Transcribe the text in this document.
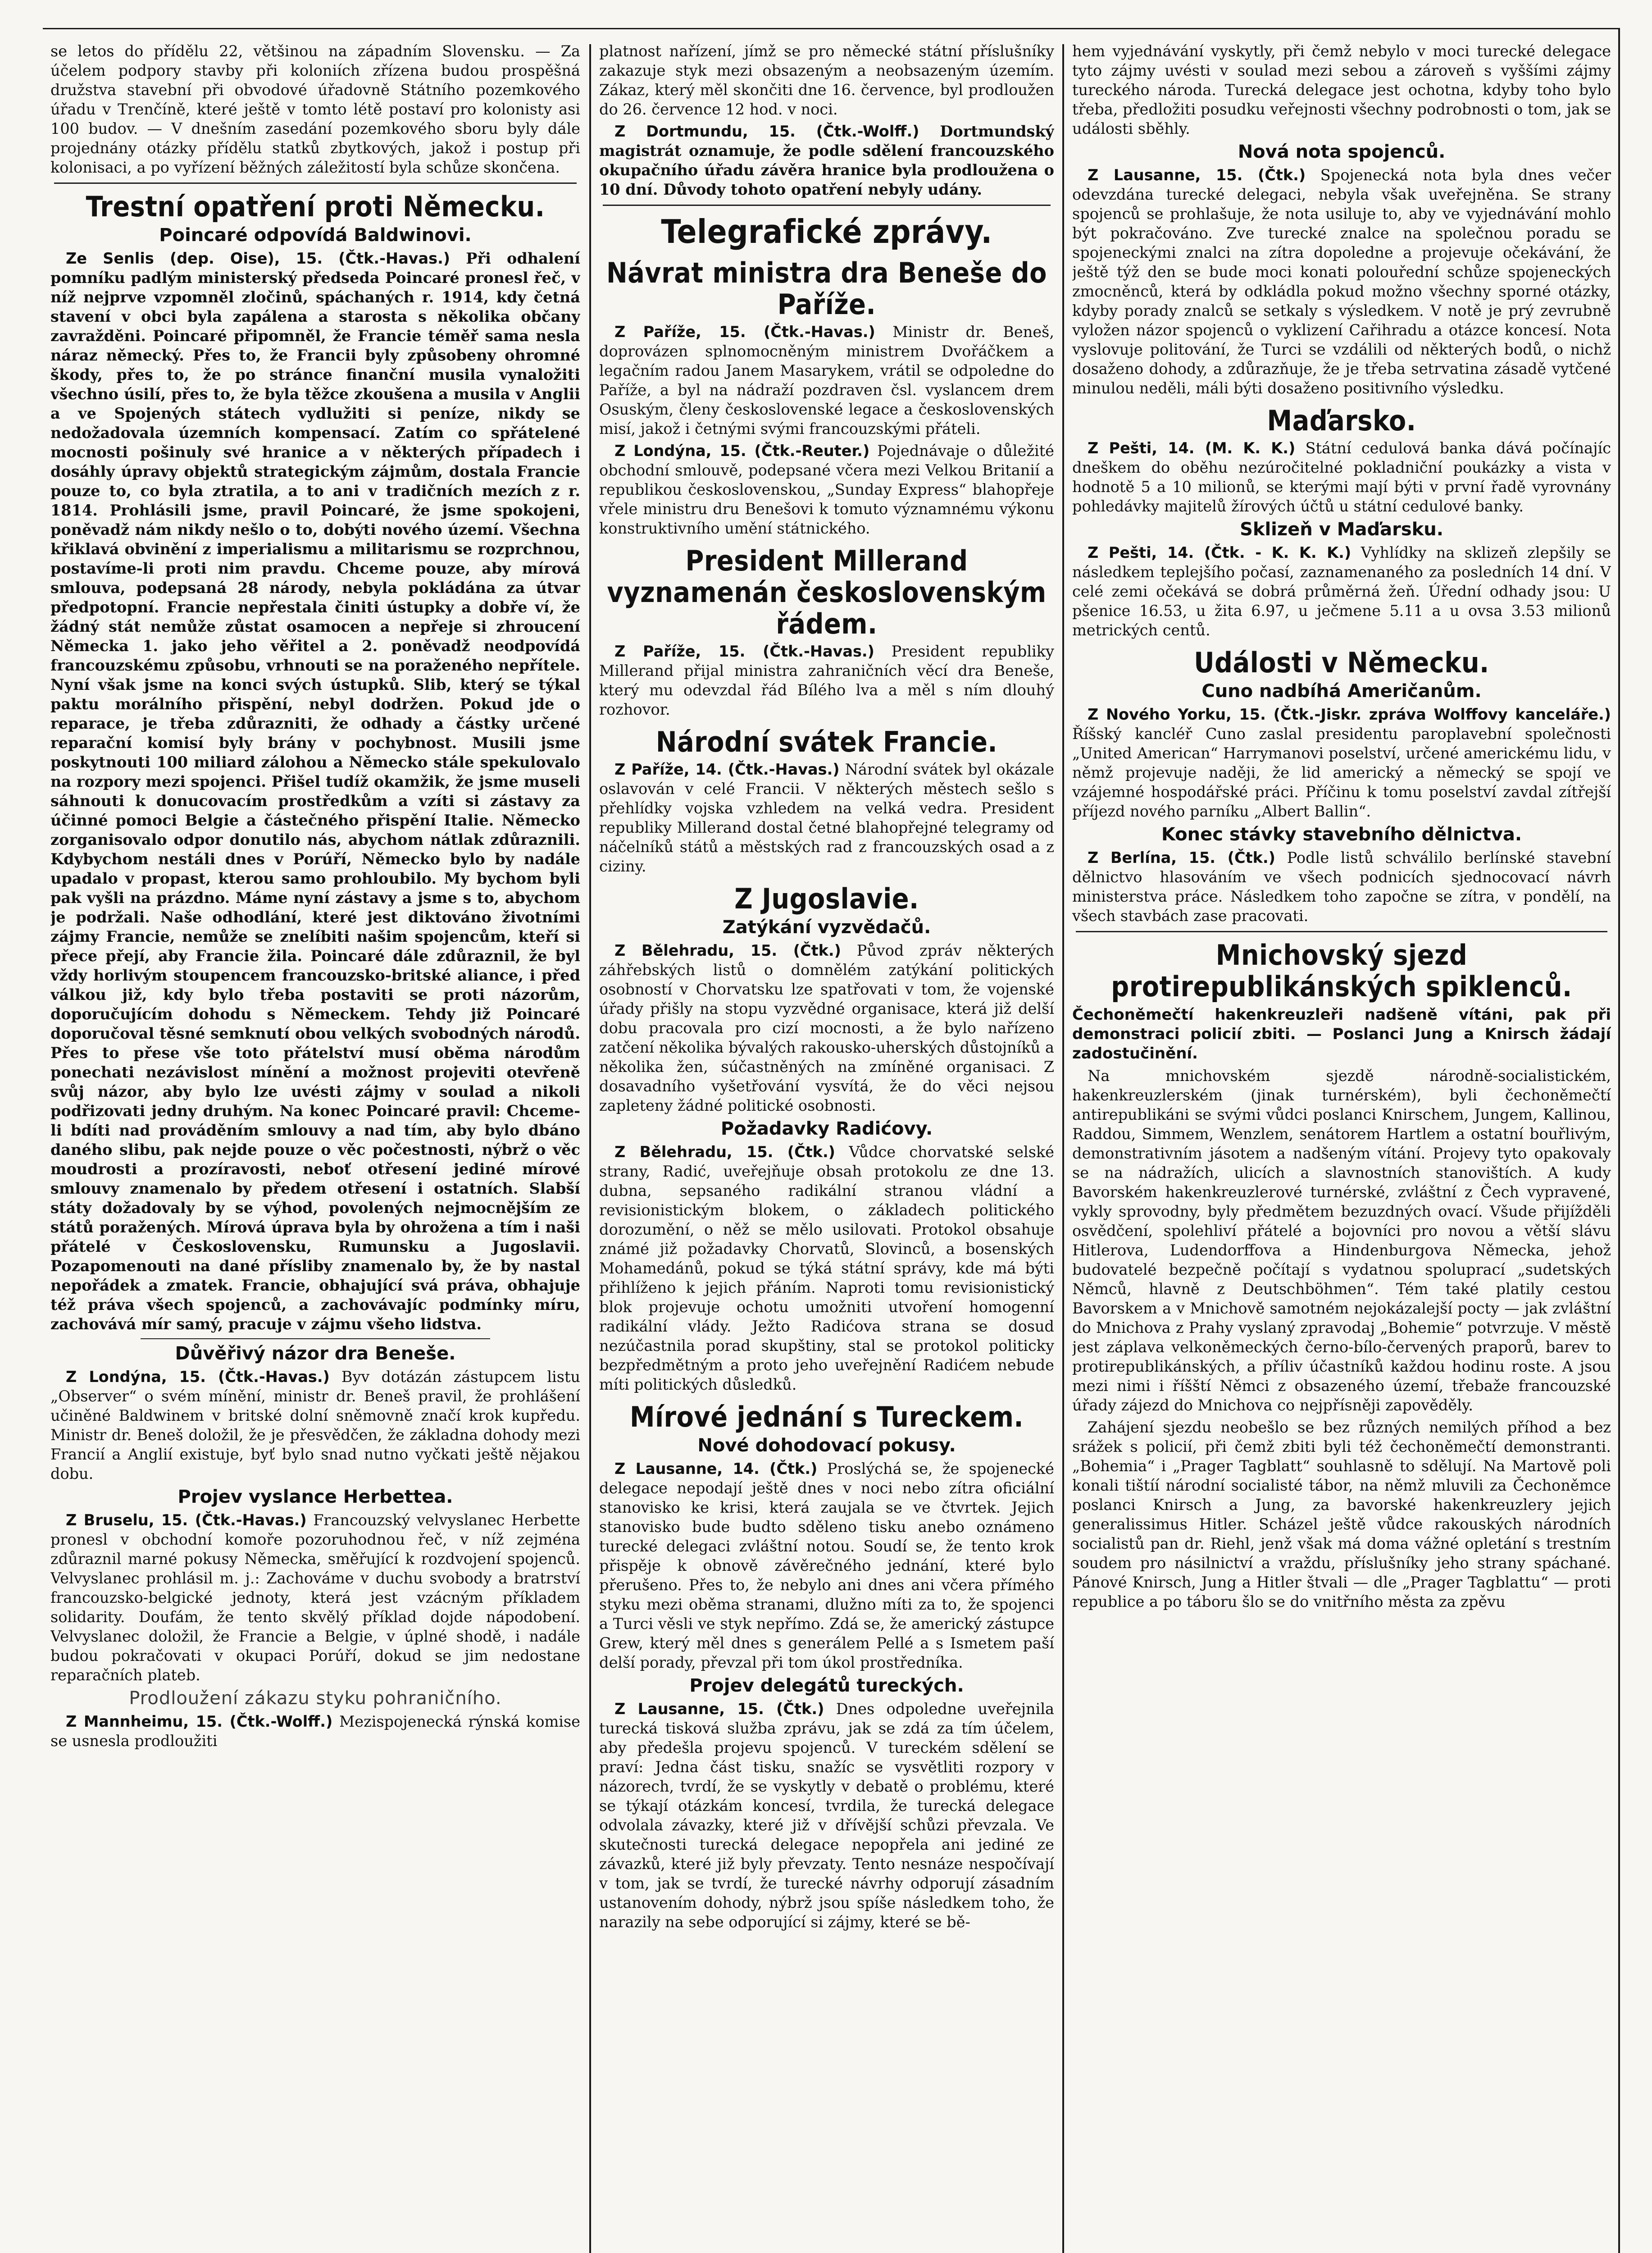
se letos do přídělu 22, většinou na západním Slovensku. — Za účelem podpory stavby při koloniích zřízena budou prospěšná družstva stavební při obvodové úřadovně Státního pozemkového úřadu v Trenčíně, které ještě v tomto létě postaví pro kolonisty asi 100 budov. — V dnešním zasedání pozemkového sboru byly dále projednány otázky přídělu statků zbytkových, jakož i postup při kolonisaci, a po vyřízení běžných záležitostí byla schůze skončena.

Trestní opatření proti Německu.
Poincaré odpovídá Baldwinovi.

Ze Senlis (dep. Oise), 15. (Čtk.-Havas.) Při odhalení pomníku padlým ministerský předseda Poincaré pronesl řeč, v níž nejprve vzpomněl zločinů, spáchaných r. 1914, kdy četná stavení v obci byla zapálena a starosta s několika občany zavražděni. Poincaré připomněl, že Francie téměř sama nesla náraz německý. Přes to, že Francii byly způsobeny ohromné škody, přes to, že po stránce finanční musila vynaložiti všechno úsilí, přes to, že byla těžce zkoušena a musila v Anglii a ve Spojených státech vydlužiti si peníze, nikdy se nedožadovala územních kompensací. Zatím co spřátelené mocnosti pošinuly své hranice a v některých případech i dosáhly úpravy objektů strategickým zájmům, dostala Francie pouze to, co byla ztratila, a to ani v tradičních mezích z r. 1814. Prohlásili jsme, pravil Poincaré, že jsme spokojeni, poněvadž nám nikdy nešlo o to, dobýti nového území. Všechna křiklavá obvinění z imperialismu a militarismu se rozprchnou, postavíme-li proti nim pravdu. Chceme pouze, aby mírová smlouva, podepsaná 28 národy, nebyla pokládána za útvar předpotopní. Francie nepřestala činiti ústupky a dobře ví, že žádný stát nemůže zůstat osamocen a nepřeje si zhroucení Německa 1. jako jeho věřitel a 2. poněvadž neodpovídá francouzskému způsobu, vrhnouti se na poraženého nepřítele. Nyní však jsme na konci svých ústupků. Slib, který se týkal paktu morálního přispění, nebyl dodržen. Pokud jde o reparace, je třeba zdůrazniti, že odhady a částky určené reparační komisí byly brány v pochybnost. Musili jsme poskytnouti 100 miliard zálohou a Německo stále spekulovalo na rozpory mezi spojenci. Přišel tudíž okamžik, že jsme museli sáhnouti k donucovacím prostředkům a vzíti si zástavy za účinné pomoci Belgie a částečného přispění Italie. Německo zorganisovalo odpor donutilo nás, abychom nátlak zdůraznili. Kdybychom nestáli dnes v Porúří, Německo bylo by nadále upadalo v propast, kterou samo prohloubilo. My bychom byli pak vyšli na prázdno. Máme nyní zástavy a jsme s to, abychom je podržali. Naše odhodlání, které jest diktováno životními zájmy Francie, nemůže se znelíbiti našim spojencům, kteří si přece přejí, aby Francie žila. Poincaré dále zdůraznil, že byl vždy horlivým stoupencem francouzsko-britské aliance, i před válkou již, kdy bylo třeba postaviti se proti názorům, doporučujícím dohodu s Německem. Tehdy již Poincaré doporučoval těsné semknutí obou velkých svobodných národů. Přes to přese vše toto přátelství musí oběma národům ponechati nezávislost mínění a možnost projeviti otevřeně svůj názor, aby bylo lze uvésti zájmy v soulad a nikoli podřizovati jedny druhým. Na konec Poincaré pravil: Chceme-li bdíti nad prováděním smlouvy a nad tím, aby bylo dbáno daného slibu, pak nejde pouze o věc počestnosti, nýbrž o věc moudrosti a prozíravosti, neboť otřesení jediné mírové smlouvy znamenalo by předem otřesení i ostatních. Slabší státy dožadovaly by se výhod, povolených nejmocnějším ze států poražených. Mírová úprava byla by ohrožena a tím i naši přátelé v Československu, Rumunsku a Jugoslavii. Pozapomenouti na dané přísliby znamenalo by, že by nastal nepořádek a zmatek. Francie, obhajující svá práva, obhajuje též práva všech spojenců, a zachovávajíc podmínky míru, zachovává mír samý, pracuje v zájmu všeho lidstva.

Důvěřivý názor dra Beneše.

Z Londýna, 15. (Čtk.-Havas.) Byv dotázán zástupcem listu „Observer“ o svém mínění, ministr dr. Beneš pravil, že prohlášení učiněné Baldwinem v britské dolní sněmovně značí krok kupředu. Ministr dr. Beneš doložil, že je přesvědčen, že základna dohody mezi Francií a Anglií existuje, byť bylo snad nutno vyčkati ještě nějakou dobu.

Projev vyslance Herbettea.

Z Bruselu, 15. (Čtk.-Havas.) Francouzský velvyslanec Herbette pronesl v obchodní komoře pozoruhodnou řeč, v níž zejména zdůraznil marné pokusy Německa, směřující k rozdvojení spojenců. Velvyslanec prohlásil m. j.: Zachováme v duchu svobody a bratrství francouzsko-belgické jednoty, která jest vzácným příkladem solidarity. Doufám, že tento skvělý příklad dojde nápodobení. Velvyslanec doložil, že Francie a Belgie, v úplné shodě, i nadále budou pokračovati v okupaci Porúří, dokud se jim nedostane reparačních plateb.

Prodloužení zákazu styku pohraničního.

Z Mannheimu, 15. (Čtk.-Wolff.) Mezispojenecká rýnská komise se usnesla prodloužiti

platnost nařízení, jímž se pro německé státní příslušníky zakazuje styk mezi obsazeným a neobsazeným územím. Zákaz, který měl skončiti dne 16. července, byl prodloužen do 26. července 12 hod. v noci.

Z Dortmundu, 15. (Čtk.-Wolff.) Dortmundský magistrát oznamuje, že podle sdělení francouzského okupačního úřadu závěra hranice byla prodloužena o 10 dní. Důvody tohoto opatření nebyly udány.

Telegrafické zprávy.
Návrat ministra dra Beneše do Paříže.

Z Paříže, 15. (Čtk.-Havas.) Ministr dr. Beneš, doprovázen splnomocněným ministrem Dvořáčkem a legačním radou Janem Masarykem, vrátil se odpoledne do Paříže, a byl na nádraží pozdraven čsl. vyslancem drem Osuským, členy československé legace a československých misí, jakož i četnými svými francouzskými přáteli.

Z Londýna, 15. (Čtk.-Reuter.) Pojednávaje o důležité obchodní smlouvě, podepsané včera mezi Velkou Britanií a republikou československou, „Sunday Express“ blahopřeje vřele ministru dru Benešovi k tomuto významnému výkonu konstruktivního umění státnického.

President Millerand vyznamenán československým řádem.

Z Paříže, 15. (Čtk.-Havas.) President republiky Millerand přijal ministra zahraničních věcí dra Beneše, který mu odevzdal řád Bílého lva a měl s ním dlouhý rozhovor.

Národní svátek Francie.

Z Paříže, 14. (Čtk.-Havas.) Národní svátek byl okázale oslavován v celé Francii. V některých městech sešlo s přehlídky vojska vzhledem na velká vedra. President republiky Millerand dostal četné blahopřejné telegramy od náčelníků států a městských rad z francouzských osad a z ciziny.

Z Jugoslavie.
Zatýkání vyzvědačů.

Z Bělehradu, 15. (Čtk.) Původ zpráv některých záhřebských listů o domnělém zatýkání politických osobností v Chorvatsku lze spatřovati v tom, že vojenské úřady přišly na stopu vyzvědné organisace, která již delší dobu pracovala pro cizí mocnosti, a že bylo nařízeno zatčení několika bývalých rakousko-uherských důstojníků a několika žen, súčastněných na zmíněné organisaci. Z dosavadního vyšetřování vysvítá, že do věci nejsou zapleteny žádné politické osobnosti.

Požadavky Radićovy.

Z Bělehradu, 15. (Čtk.) Vůdce chorvatské selské strany, Radić, uveřejňuje obsah protokolu ze dne 13. dubna, sepsaného radikální stranou vládní a revisionistickým blokem, o základech politického dorozumění, o něž se mělo usilovati. Protokol obsahuje známé již požadavky Chorvatů, Slovinců, a bosenských Mohamedánů, pokud se týká státní správy, kde má býti přihlíženo k jejich přáním. Naproti tomu revisionistický blok projevuje ochotu umožniti utvoření homogenní radikální vlády. Ježto Radićova strana se dosud nezúčastnila porad skupštiny, stal se protokol politicky bezpředmětným a proto jeho uveřejnění Radićem nebude míti politických důsledků.

Mírové jednání s Tureckem.
Nové dohodovací pokusy.

Z Lausanne, 14. (Čtk.) Proslýchá se, že spojenecké delegace nepodají ještě dnes v noci nebo zítra oficiální stanovisko ke krisi, která zaujala se ve čtvrtek. Jejich stanovisko bude budto sděleno tisku anebo oznámeno turecké delegaci zvláštní notou. Soudí se, že tento krok přispěje k obnově závěrečného jednání, které bylo přerušeno. Přes to, že nebylo ani dnes ani včera přímého styku mezi oběma stranami, dlužno míti za to, že spojenci a Turci věsli ve styk nepřímo. Zdá se, že americký zástupce Grew, který měl dnes s generálem Pellé a s Ismetem paší delší porady, převzal při tom úkol prostředníka.

Projev delegátů tureckých.

Z Lausanne, 15. (Čtk.) Dnes odpoledne uveřejnila turecká tisková služba zprávu, jak se zdá za tím účelem, aby předešla projevu spojenců. V tureckém sdělení se praví: Jedna část tisku, snažíc se vysvětliti rozpory v názorech, tvrdí, že se vyskytly v debatě o problému, které se týkají otázkám koncesí, tvrdila, že turecká delegace odvolala závazky, které již v dřívější schůzi převzala. Ve skutečnosti turecká delegace nepopřela ani jediné ze závazků, které již byly převzaty. Tento nesnáze nespočívají v tom, jak se tvrdí, že turecké návrhy odporují zásadním ustanovením dohody, nýbrž jsou spíše následkem toho, že narazily na sebe odporující si zájmy, které se bě-

hem vyjednávání vyskytly, při čemž nebylo v moci turecké delegace tyto zájmy uvésti v soulad mezi sebou a zároveň s vyššími zájmy tureckého národa. Turecká delegace jest ochotna, kdyby toho bylo třeba, předložiti posudku veřejnosti všechny podrobnosti o tom, jak se události sběhly.

Nová nota spojenců.

Z Lausanne, 15. (Čtk.) Spojenecká nota byla dnes večer odevzdána turecké delegaci, nebyla však uveřejněna. Se strany spojenců se prohlašuje, že nota usiluje to, aby ve vyjednávání mohlo být pokračováno. Zve turecké znalce na společnou poradu se spojeneckými znalci na zítra dopoledne a projevuje očekávání, že ještě týž den se bude moci konati polouřední schůze spojeneckých zmocněnců, která by odkládla pokud možno všechny sporné otázky, kdyby porady znalců se setkaly s výsledkem. V notě je prý zevrubně vyložen názor spojenců o vyklizení Cařihradu a otázce koncesí. Nota vyslovuje politování, že Turci se vzdálili od některých bodů, o nichž dosaženo dohody, a zdůrazňuje, že je třeba setrvatina zásadě vytčené minulou neděli, máli býti dosaženo positivního výsledku.

Maďarsko.

Z Pešti, 14. (M. K. K.) Státní cedulová banka dává počínajíc dneškem do oběhu nezúročitelné pokladniční poukázky a vista v hodnotě 5 a 10 milionů, se kterými mají býti v první řadě vyrovnány pohledávky majitelů žírových účtů u státní cedulové banky.

Sklizeň v Maďarsku.

Z Pešti, 14. (Čtk. - K. K. K.) Vyhlídky na sklizeň zlepšily se následkem teplejšího počasí, zaznamenaného za posledních 14 dní. V celé zemi očekává se dobrá průměrná žeň. Úřední odhady jsou: U pšenice 16.53, u žita 6.97, u ječmene 5.11 a u ovsa 3.53 milionů metrických centů.

Události v Německu.
Cuno nadbíhá Američanům.

Z Nového Yorku, 15. (Čtk.-Jiskr. zpráva Wolffovy kanceláře.) Říšský kancléř Cuno zaslal presidentu paroplavební společnosti „United American“ Harrymanovi poselství, určené americkému lidu, v němž projevuje naději, že lid americký a německý se spojí ve vzájemné hospodářské práci. Příčinu k tomu poselství zavdal zítřejší příjezd nového parníku „Albert Ballin“.

Konec stávky stavebního dělnictva.

Z Berlína, 15. (Čtk.) Podle listů schválilo berlínské stavební dělnictvo hlasováním ve všech podnicích sjednocovací návrh ministerstva práce. Následkem toho započne se zítra, v pondělí, na všech stavbách zase pracovati.

Mnichovský sjezd protirepublikánských spiklenců.
Čechoněmečtí hakenkreuzleři nadšeně vítáni, pak při demonstraci policií zbiti. — Poslanci Jung a Knirsch žádají zadostučinění.

Na mnichovském sjezdě národně-socialistickém, hakenkreuzlerském (jinak turnérském), byli čechoněmečtí antirepublikáni se svými vůdci poslanci Knirschem, Jungem, Kallinou, Raddou, Simmem, Wenzlem, senátorem Hartlem a ostatní bouřlivým, demonstrativním jásotem a nadšeným vítání. Projevy tyto opakovaly se na nádražích, ulicích a slavnostních stanovištích. A kudy Bavorském hakenkreuzlerové turnérské, zvláštní z Čech vypravené, vykly sprovodny, byly předmětem bezuzdných ovací. Všude přijížděli osvědčení, spolehliví přátelé a bojovníci pro novou a větší slávu Hitlerova, Ludendorffova a Hindenburgova Německa, jehož budovatelé bezpečně počítají s vydatnou spoluprací „sudetských Němců, hlavně z Deutschböhmen“. Tém také platily cestou Bavorskem a v Mnichově samotném nejokázalejší pocty — jak zvláštní do Mnichova z Prahy vyslaný zpravodaj „Bohemie“ potvrzuje. V městě jest záplava velkoněmeckých černo-bílo-červených praporů, barev to protirepublikánských, a příliv účastníků každou hodinu roste. A jsou mezi nimi i říšští Němci z obsazeného území, třebaže francouzské úřady zájezd do Mnichova co nejpřísněji zapověděly.

Zahájení sjezdu neobešlo se bez různých nemilých příhod a bez srážek s policií, při čemž zbiti byli též čechoněmečtí demonstranti. „Bohemia“ i „Prager Tagblatt“ souhlasně to sdělují. Na Martově poli konali tištíí národní socialisté tábor, na němž mluvili za Čechoněmce poslanci Knirsch a Jung, za bavorské hakenkreuzlery jejich generalissimus Hitler. Scházel ještě vůdce rakouských národních socialistů pan dr. Riehl, jenž však má doma vážné opletání s trestním soudem pro násilnictví a vraždu, příslušníky jeho strany spáchané. Pánové Knirsch, Jung a Hitler štvali — dle „Prager Tagblattu“ — proti republice a po táboru šlo se do vnitřního města za zpěvu
